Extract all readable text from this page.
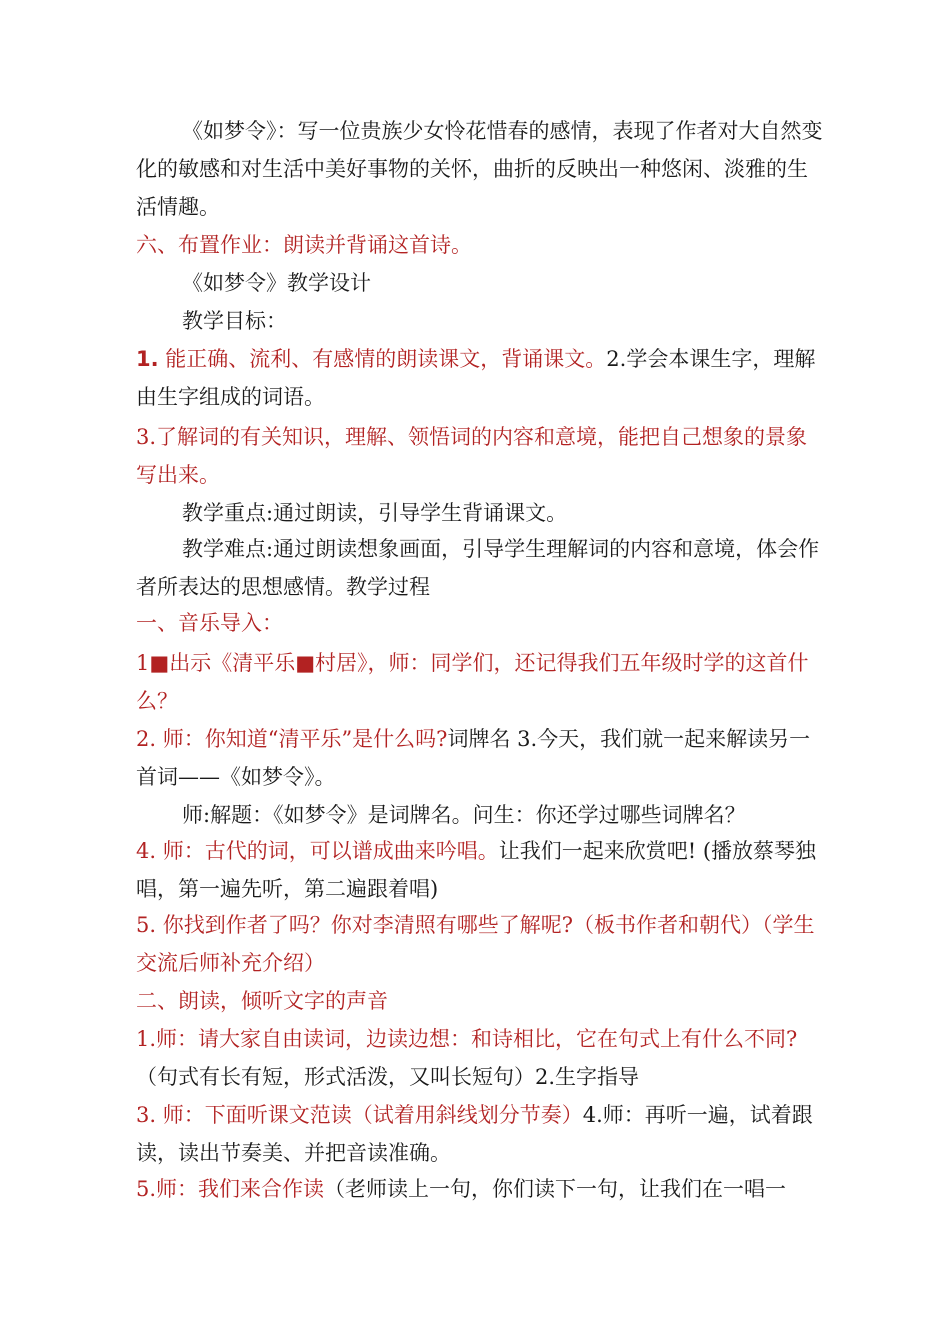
《如梦令》：写一位贵族少女怜花惜春的感情，表现了作者对大自然变化的敏感和对生活中美好事物的关怀，曲折的反映出一种悠闲、淡雅的生活情趣。

六、布置作业：朗读并背诵这首诗。

《如梦令》教学设计

教学目标：

1. 能正确、流利、有感情的朗读课文，背诵课文。2.学会本课生字，理解由生字组成的词语。

3.了解词的有关知识，理解、领悟词的内容和意境，能把自己想象的景象写出来。

教学重点:通过朗读，引导学生背诵课文。

教学难点:通过朗读想象画面，引导学生理解词的内容和意境，体会作者所表达的思想感情。教学过程

一、音乐导入：

1■出示《清平乐■村居》，师：同学们，还记得我们五年级时学的这首什么？

2. 师：你知道“清平乐”是什么吗?词牌名 3.今天，我们就一起来解读另一首词——《如梦令》。

师:解题：《如梦令》是词牌名。问生：你还学过哪些词牌名？

4. 师：古代的词，可以谱成曲来吟唱。让我们一起来欣赏吧! (播放蔡琴独唱，第一遍先听，第二遍跟着唱)

5. 你找到作者了吗？你对李清照有哪些了解呢?（板书作者和朝代）（学生交流后师补充介绍）

二、朗读，倾听文字的声音

1.师：请大家自由读词，边读边想：和诗相比，它在句式上有什么不同?（句式有长有短，形式活泼，又叫长短句）2.生字指导

3. 师：下面听课文范读（试着用斜线划分节奏）4.师：再听一遍，试着跟读，读出节奏美、并把音读准确。

5.师：我们来合作读（老师读上一句，你们读下一句，让我们在一唱一
